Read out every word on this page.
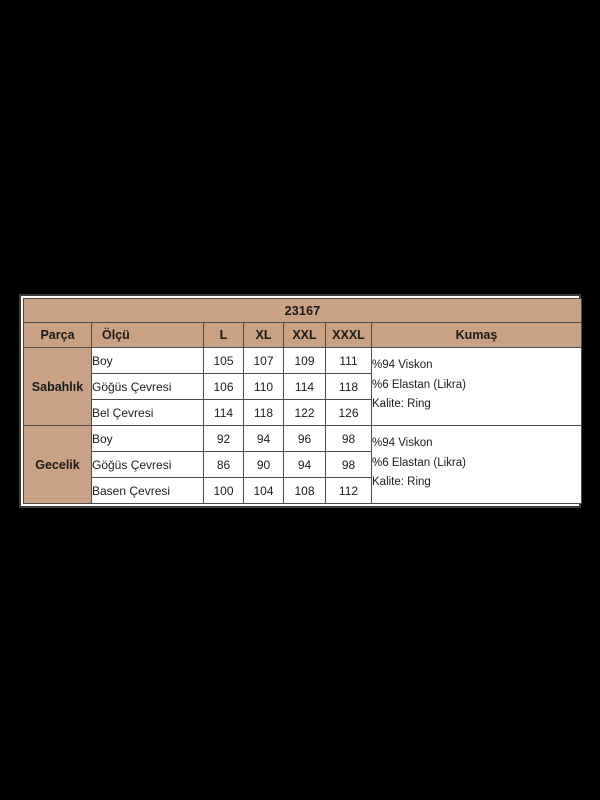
23167						
Parça	Ölçü	L	XL	XXL	XXXL	Kumaş
Sabahlık	Boy	105	107	109	111	%94 Viskon
%6 Elastan (Likra)
Kalite: Ring

	Göğüs Çevresi	106	110	114	118	
	Bel Çevresi	114	118	122	126	
Gecelik	Boy	92	94	96	98	%94 Viskon
%6 Elastan (Likra)
Kalite: Ring

	Göğüs Çevresi	86	90	94	98	
	Basen Çevresi	100	104	108	112	
